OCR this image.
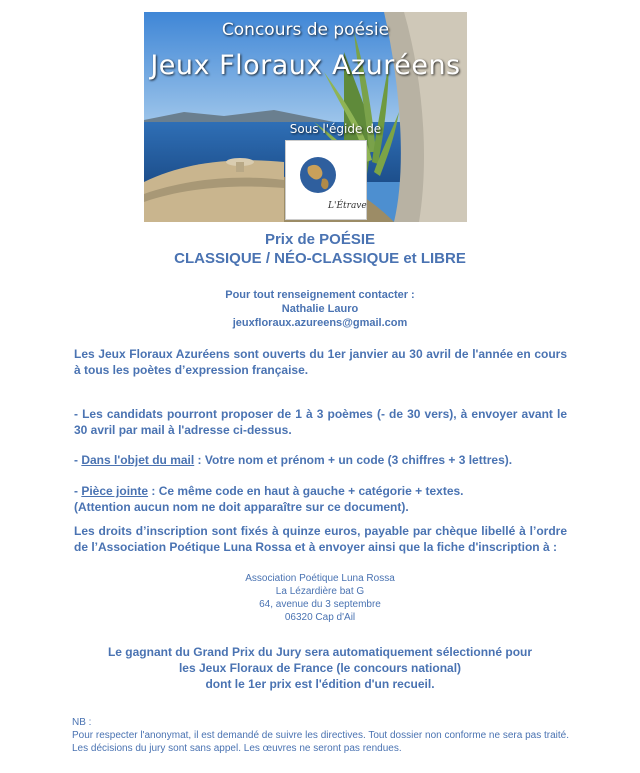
Concours de poésie
Jeux Floraux Azuréens
Sous l'égide de
L'Étrave

Prix de POÉSIE

CLASSIQUE / NÉO-CLASSIQUE et LIBRE

Pour tout renseignement contacter :

Nathalie Lauro

jeuxfloraux.azureens@gmail.com

Les Jeux Floraux Azuréens sont ouverts du 1er janvier au 30 avril de l'année en cours à tous les poètes d’expression française.

- Les candidats pourront proposer de 1 à 3 poèmes (- de 30 vers), à envoyer avant le 30 avril par mail à l'adresse ci-dessus.

- Dans l'objet du mail : Votre nom et prénom + un code (3 chiffres + 3 lettres).

- Pièce jointe : Ce même code en haut à gauche + catégorie + textes.
(Attention aucun nom ne doit apparaître sur ce document).

Les droits d’inscription sont fixés à quinze euros, payable par chèque libellé à l’ordre de l’Association Poétique Luna Rossa et à envoyer ainsi que la fiche d'inscription à :

Association Poétique Luna Rossa

La Lézardière bat G

64, avenue du 3 septembre

06320 Cap d'Ail

Le gagnant du Grand Prix du Jury sera automatiquement sélectionné pour

les Jeux Floraux de France (le concours national)

dont le 1er prix est l'édition d'un recueil.

NB :

Pour respecter l'anonymat, il est demandé de suivre les directives. Tout dossier non conforme ne sera pas traité. Les décisions du jury sont sans appel. Les œuvres ne seront pas rendues.
